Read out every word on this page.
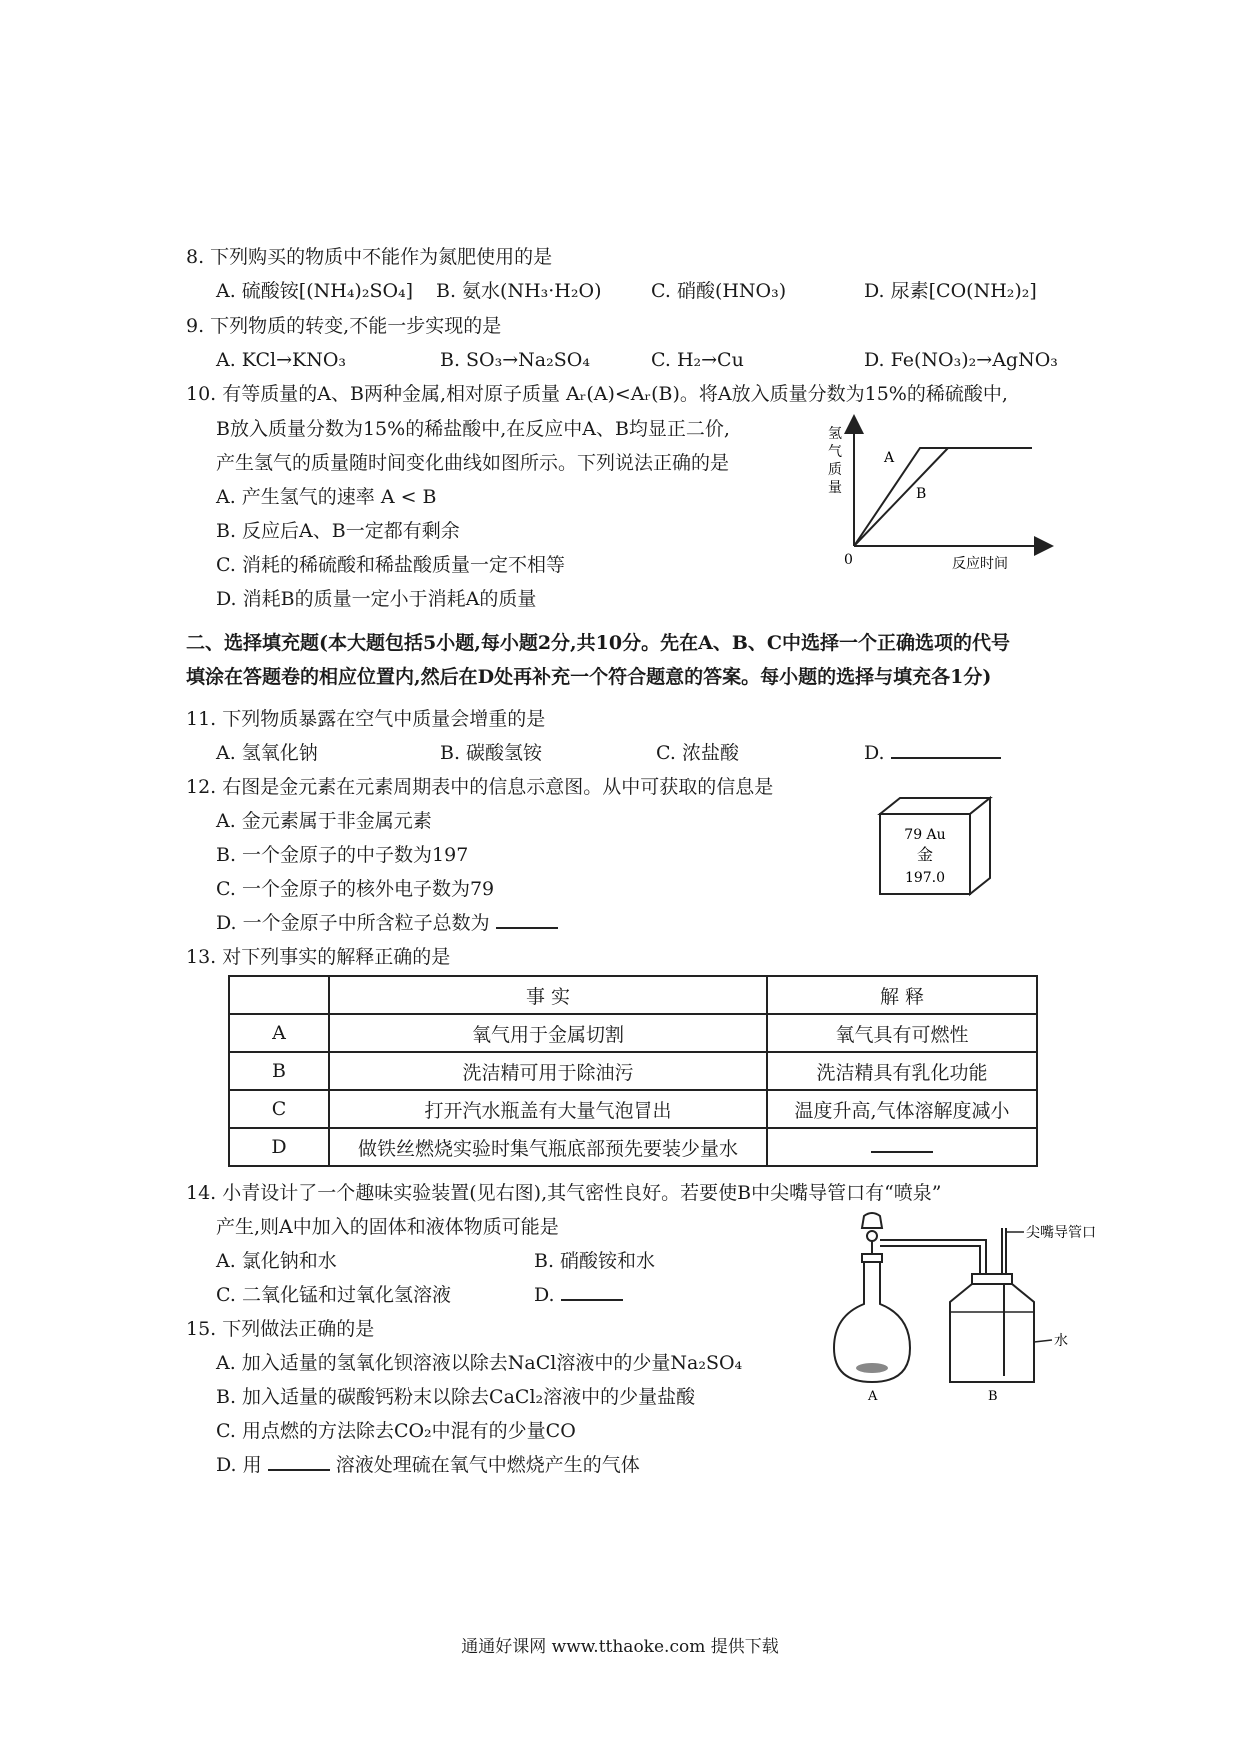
8. 下列购买的物质中不能作为氮肥使用的是
A. 硫酸铵[(NH₄)₂SO₄] B. 氨水(NH₃·H₂O)	C. 硝酸(HNO₃)	D. 尿素[CO(NH₂)₂]
9. 下列物质的转变,不能一步实现的是
A. KCl→KNO₃	B. SO₃→Na₂SO₄	C. H₂→Cu	D. Fe(NO₃)₂→AgNO₃
10. 有等质量的A、B两种金属,相对原子质量 Aᵣ(A)<Aᵣ(B)。将A放入质量分数为15%的稀硫酸中,
B放入质量分数为15%的稀盐酸中,在反应中A、B均显正二价,
产生氢气的质量随时间变化曲线如图所示。下列说法正确的是
A. 产生氢气的速率 A < B
B. 反应后A、B一定都有剩余
C. 消耗的稀硫酸和稀盐酸质量一定不相等
D. 消耗B的质量一定小于消耗A的质量
氢
气
质
量
A
B
0	反应时间
二、选择填充题(本大题包括5小题,每小题2分,共10分。先在A、B、C中选择一个正确选项的代号
填涂在答题卷的相应位置内,然后在D处再补充一个符合题意的答案。每小题的选择与填充各1分)
11. 下列物质暴露在空气中质量会增重的是
A. 氢氧化钠	B. 碳酸氢铵	C. 浓盐酸	D.
12. 右图是金元素在元素周期表中的信息示意图。从中可获取的信息是
A. 金元素属于非金属元素
B. 一个金原子的中子数为197
C. 一个金原子的核外电子数为79
D. 一个金原子中所含粒子总数为
79 Au
金
197.0
13. 对下列事实的解释正确的是
	事 实	解 释
A	氧气用于金属切割	氧气具有可燃性
B	洗洁精可用于除油污	洗洁精具有乳化功能
C	打开汽水瓶盖有大量气泡冒出	温度升高,气体溶解度减小
D	做铁丝燃烧实验时集气瓶底部预先要装少量水	
14. 小青设计了一个趣味实验装置(见右图),其气密性良好。若要使B中尖嘴导管口有“喷泉”
产生,则A中加入的固体和液体物质可能是
A. 氯化钠和水	B. 硝酸铵和水
C. 二氧化锰和过氧化氢溶液	D.
尖嘴导管口
水
A	B
15. 下列做法正确的是
A. 加入适量的氢氧化钡溶液以除去NaCl溶液中的少量Na₂SO₄
B. 加入适量的碳酸钙粉末以除去CaCl₂溶液中的少量盐酸
C. 用点燃的方法除去CO₂中混有的少量CO
D. 用	溶液处理硫在氧气中燃烧产生的气体
通通好课网 www.tthaoke.com 提供下载
